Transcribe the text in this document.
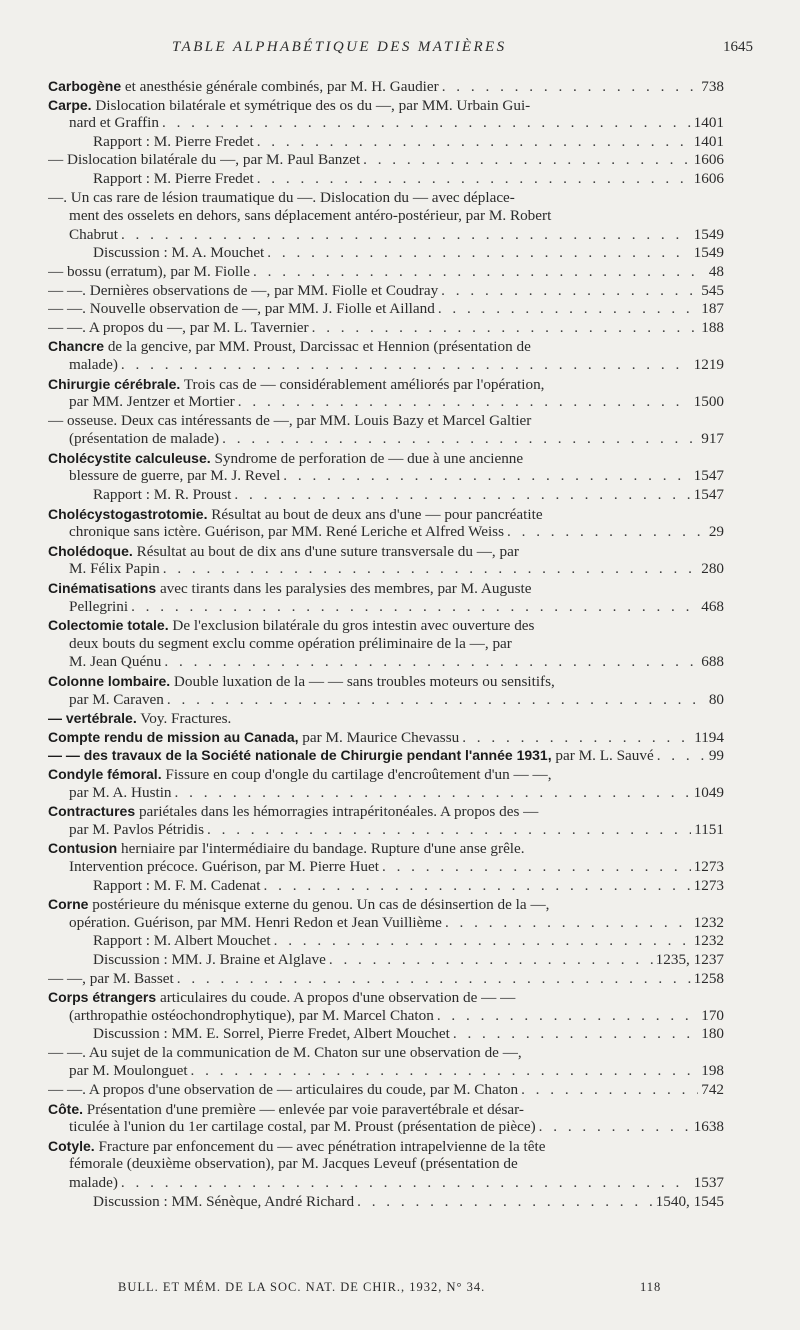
TABLE ALPHABÉTIQUE DES MATIÈRES	1645
Carbogène et anesthésie générale combinés, par M. H. Gaudier . . .	738
Carpe. Dislocation bilatérale et symétrique des os du —, par MM. Urbain Gui-
nard et Graffin . . .	1401
Rapport : M. Pierre Fredet . . .	1401
— Dislocation bilatérale du —, par M. Paul Banzet . . .	1606
Rapport : M. Pierre Fredet . . .	1606
—. Un cas rare de lésion traumatique du —. Dislocation du — avec déplace-
ment des osselets en dehors, sans déplacement antéro-postérieur, par M. Robert
Chabrut . . .	1549
Discussion : M. A. Mouchet . . .	1549
— bossu (erratum), par M. Fiolle . . .	48
— —. Dernières observations de —, par MM. Fiolle et Coudray . . .	545
— —. Nouvelle observation de —, par MM. J. Fiolle et Ailland . . .	187
— —. A propos du —, par M. L. Tavernier . . .	188
Chancre de la gencive, par MM. Proust, Darcissac et Hennion (présentation de
malade) . . .	1219
Chirurgie cérébrale. Trois cas de — considérablement améliorés par l'opération,
par MM. Jentzer et Mortier . . .	1500
— osseuse. Deux cas intéressants de —, par MM. Louis Bazy et Marcel Galtier
(présentation de malade) . . .	917
Cholécystite calculeuse. Syndrome de perforation de — due à une ancienne
blessure de guerre, par M. J. Revel . . .	1547
Rapport : M. R. Proust . . .	1547
Cholécystogastrotomie. Résultat au bout de deux ans d'une — pour pancréatite
chronique sans ictère. Guérison, par MM. René Leriche et Alfred Weiss . . .	29
Cholédoque. Résultat au bout de dix ans d'une suture transversale du —, par
M. Félix Papin . . .	280
Cinématisations avec tirants dans les paralysies des membres, par M. Auguste
Pellegrini . . .	468
Colectomie totale. De l'exclusion bilatérale du gros intestin avec ouverture des
deux bouts du segment exclu comme opération préliminaire de la —, par
M. Jean Quénu . . .	688
Colonne lombaire. Double luxation de la — — sans troubles moteurs ou sensitifs,
par M. Caraven . . .	80
— vertébrale. Voy. Fractures.
Compte rendu de mission au Canada, par M. Maurice Chevassu . . .	1194
— — des travaux de la Société nationale de Chirurgie pendant l'année 1931, par M. L. Sauvé . . .	99
Condyle fémoral. Fissure en coup d'ongle du cartilage d'encroûtement d'un — —,
par M. A. Hustin . . .	1049
Contractures pariétales dans les hémorragies intrapéritonéales. A propos des —
par M. Pavlos Pétridis . . .	1151
Contusion herniaire par l'intermédiaire du bandage. Rupture d'une anse grêle.
Intervention précoce. Guérison, par M. Pierre Huet . . .	1273
Rapport : M. F. M. Cadenat . . .	1273
Corne postérieure du ménisque externe du genou. Un cas de désinsertion de la —,
opération. Guérison, par MM. Henri Redon et Jean Vuillième . . .	1232
Rapport : M. Albert Mouchet . . .	1232
Discussion : MM. J. Braine et Alglave . . .	1235, 1237
— —, par M. Basset . . .	1258
Corps étrangers articulaires du coude. A propos d'une observation de — —
(arthropathie ostéochondrophytique), par M. Marcel Chaton . . .	170
Discussion : MM. E. Sorrel, Pierre Fredet, Albert Mouchet . . .	180
— —. Au sujet de la communication de M. Chaton sur une observation de —,
par M. Moulonguet . . .	198
— —. A propos d'une observation de — articulaires du coude, par M. Chaton . . .	742
Côte. Présentation d'une première — enlevée par voie paravertébrale et désar-
ticulée à l'union du 1er cartilage costal, par M. Proust (présentation de pièce) . . .	1638
Cotyle. Fracture par enfoncement du — avec pénétration intrapelvienne de la tête
fémorale (deuxième observation), par M. Jacques Leveuf (présentation de
malade) . . .	1537
Discussion : MM. Sénèque, André Richard . . .	1540, 1545
BULL. ET MÉM. DE LA SOC. NAT. DE CHIR., 1932, N° 34.	118
